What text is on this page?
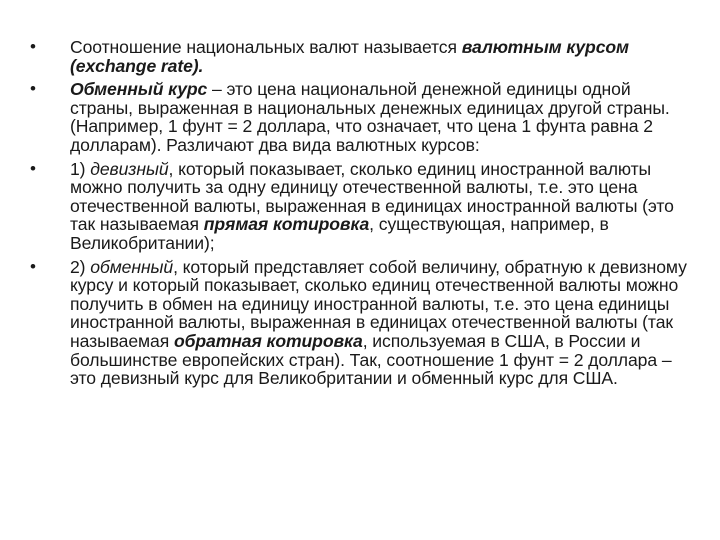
•	Соотношение национальных валют называется валютным курсом (exchange rate).
•	Обменный курс – это цена национальной денежной единицы одной страны, выраженная в национальных денежных единицах другой страны. (Например, 1 фунт = 2 доллара, что означает, что цена 1 фунта равна 2 долларам). Различают два вида валютных курсов:
•	1) девизный, который показывает, сколько единиц иностранной валюты можно получить за одну единицу отечественной валюты, т.е. это цена отечественной валюты, выраженная в единицах иностранной валюты (это так называемая прямая котировка, существующая, например, в Великобритании);
•	2) обменный, который представляет собой величину, обратную к девизному курсу и который показывает, сколько единиц отечественной валюты можно получить в обмен на единицу иностранной валюты, т.е. это цена единицы иностранной валюты, выраженная в единицах отечественной валюты (так называемая обратная котировка, используемая в США, в России и большинстве европейских стран). Так, соотношение 1 фунт = 2 доллара – это девизный курс для Великобритании и обменный курс для США.
